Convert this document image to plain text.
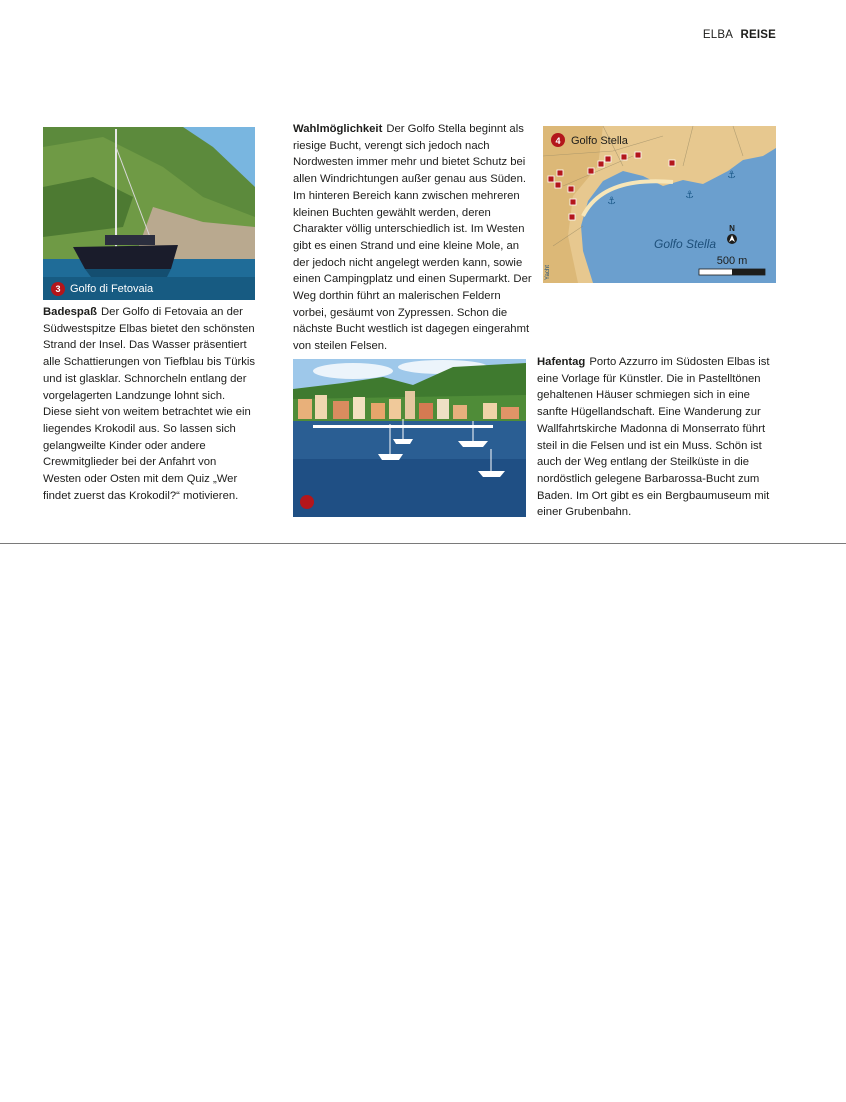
ELBA REISE
3 Golfo di Fetovaia

Badespaß Der Golfo di Fetovaia an der Südwestspitze Elbas bietet den schönsten Strand der Insel. Das Wasser präsentiert alle Schattierungen von Tiefblau bis Türkis und ist glasklar. Schnorcheln entlang der vorgelagerten Landzunge lohnt sich. Diese sieht von weitem betrachtet wie ein liegendes Krokodil aus. So lassen sich gelangweilte Kinder oder andere Crewmitglieder bei der Anfahrt von Westen oder Osten mit dem Quiz „Wer findet zuerst das Krokodil?“ motivieren.

⚓
⚓
⚓
4 Golfo Stella
Golfo Stella
N
500 m
Yacht

Wahlmöglichkeit Der Golfo Stella beginnt als riesige Bucht, verengt sich jedoch nach Nordwesten immer mehr und bietet Schutz bei allen Windrichtungen außer genau aus Süden. Im hinteren Bereich kann zwischen mehreren kleinen Buchten gewählt werden, deren Charakter völlig unterschiedlich ist. Im Westen gibt es einen Strand und eine kleine Mole, an der jedoch nicht angelegt werden kann, sowie einen Campingplatz und einen Supermarkt. Der Weg dorthin führt an malerischen Feldern vorbei, gesäumt von Zypressen. Schon die nächste Bucht westlich ist dagegen eingerahmt von steilen Felsen.

Hafentag Porto Azzurro im Südosten Elbas ist eine Vorlage für Künstler. Die in Pastelltönen gehaltenen Häuser schmiegen sich in eine sanfte Hügellandschaft. Eine Wanderung zur Wallfahrtskirche Madonna di Monserrato führt steil in die Felsen und ist ein Muss. Schön ist auch der Weg entlang der Steilküste in die nordöstlich gelegene Barbarossa-Bucht zum Baden. Im Ort gibt es ein Bergbaumuseum mit einer Grubenbahn.
